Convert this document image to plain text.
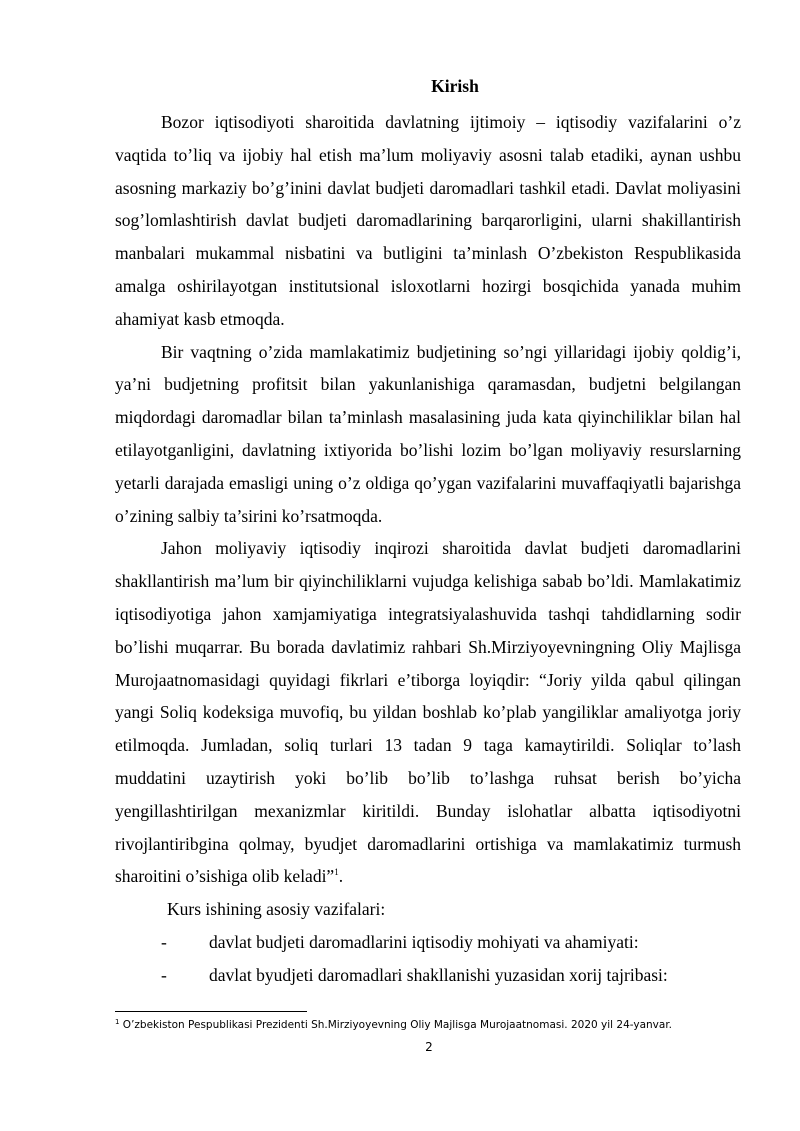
Kirish

Bozor iqtisodiyoti sharoitida davlatning ijtimoiy – iqtisodiy vazifalarini o’z vaqtida to’liq va ijobiy hal etish ma’lum moliyaviy asosni talab etadiki, aynan ushbu asosning markaziy bo’g’inini davlat budjeti daromadlari tashkil etadi. Davlat moliyasini sog’lomlashtirish davlat budjeti daromadlarining barqarorligini, ularni shakillantirish manbalari mukammal nisbatini va butligini ta’minlash O’zbekiston Respublikasida amalga oshirilayotgan institutsional isloxotlarni hozirgi bosqichida yanada muhim ahamiyat kasb etmoqda.

Bir vaqtning o’zida mamlakatimiz budjetining so’ngi yillaridagi ijobiy qoldig’i, ya’ni budjetning profitsit bilan yakunlanishiga qaramasdan, budjetni belgilangan miqdordagi daromadlar bilan ta’minlash masalasining juda kata qiyinchiliklar bilan hal etilayotganligini, davlatning ixtiyorida bo’lishi lozim bo’lgan moliyaviy resurslarning yetarli darajada emasligi uning o’z oldiga qo’ygan vazifalarini muvaffaqiyatli bajarishga o’zining salbiy ta’sirini ko’rsatmoqda.

Jahon moliyaviy iqtisodiy inqirozi sharoitida davlat budjeti daromadlarini shakllantirish ma’lum bir qiyinchiliklarni vujudga kelishiga sabab bo’ldi. Mamlakatimiz iqtisodiyotiga jahon xamjamiyatiga integratsiyalashuvida tashqi tahdidlarning sodir bo’lishi muqarrar. Bu borada davlatimiz rahbari Sh.Mirziyoyevningning Oliy Majlisga Murojaatnomasidagi quyidagi fikrlari e’tiborga loyiqdir: “Joriy yilda qabul qilingan yangi Soliq kodeksiga muvofiq, bu yildan boshlab ko’plab yangiliklar amaliyotga joriy etilmoqda. Jumladan, soliq turlari 13 tadan 9 taga kamaytirildi. Soliqlar to’lash muddatini uzaytirish yoki bo’lib bo’lib to’lashga ruhsat berish bo’yicha yengillashtirilgan mexanizmlar kiritildi. Bunday islohatlar albatta iqtisodiyotni rivojlantiribgina qolmay, byudjet daromadlarini ortishiga va mamlakatimiz turmush sharoitini o’sishiga olib keladi”$^1$.

Kurs ishining asosiy vazifalari:

-	davlat budjeti daromadlarini iqtisodiy mohiyati va ahamiyati:
-	davlat byudjeti daromadlari shakllanishi yuzasidan xorij tajribasi:
$^1$ O’zbekiston Pespublikasi Prezidenti Sh.Mirziyoyevning Oliy Majlisga Murojaatnomasi. 2020 yil 24-yanvar.
2
